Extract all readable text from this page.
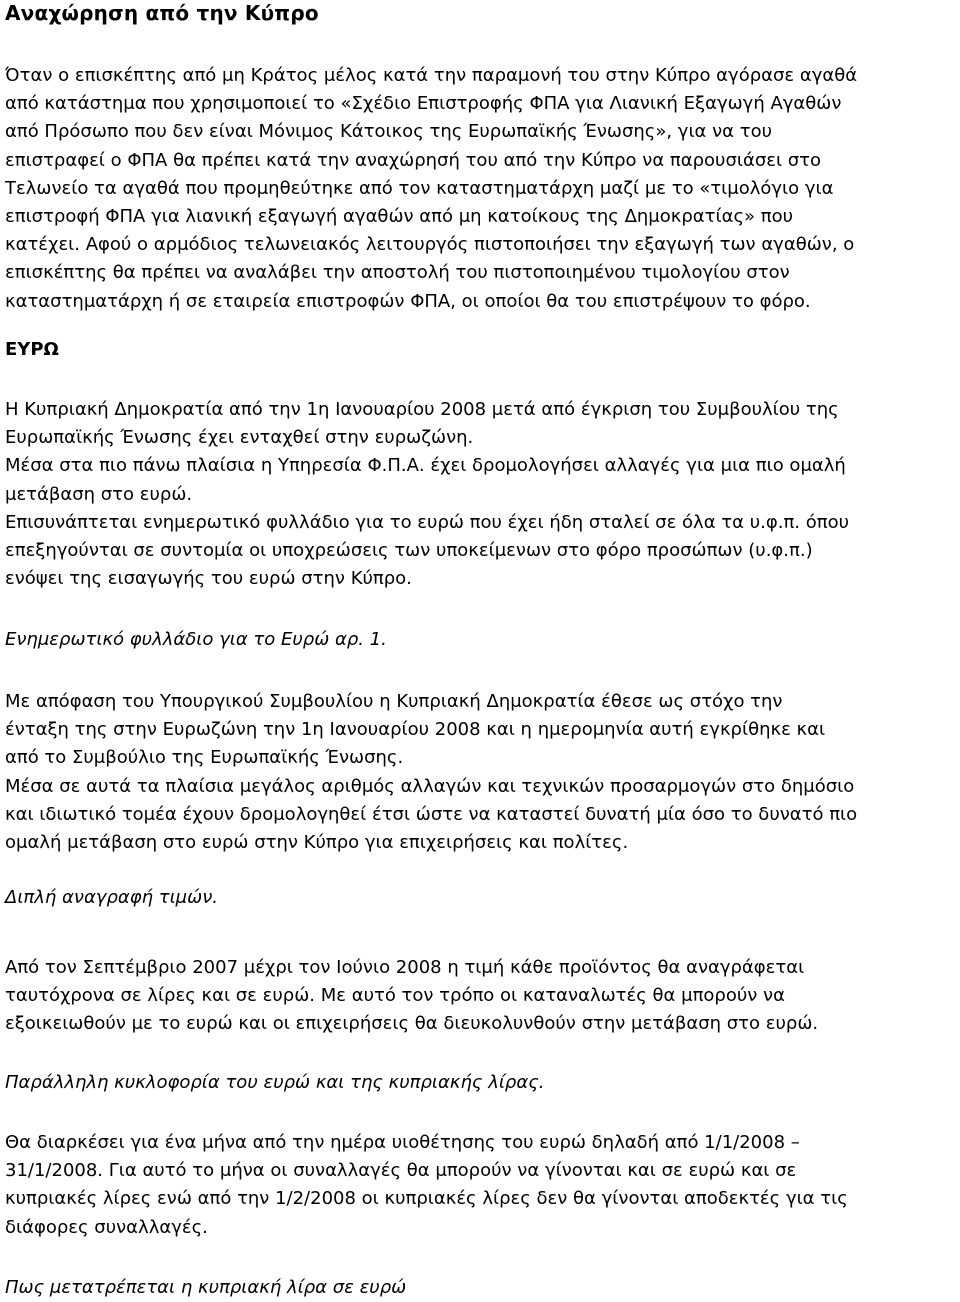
Αναχώρηση από την Κύπρο

Όταν ο επισκέπτης από μη Κράτος μέλος κατά την παραμονή του στην Κύπρο αγόρασε αγαθά
από κατάστημα που χρησιμοποιεί το «Σχέδιο Επιστροφής ΦΠΑ για Λιανική Εξαγωγή Αγαθών
από Πρόσωπο που δεν είναι Μόνιμος Κάτοικος της Ευρωπαϊκής Ένωσης», για να του
επιστραφεί ο ΦΠΑ θα πρέπει κατά την αναχώρησή του από την Κύπρο να παρουσιάσει στο
Τελωνείο τα αγαθά που προμηθεύτηκε από τον καταστηματάρχη μαζί με το «τιμολόγιο για
επιστροφή ΦΠΑ για λιανική εξαγωγή αγαθών από μη κατοίκους της Δημοκρατίας» που
κατέχει. Αφού ο αρμόδιος τελωνειακός λειτουργός πιστοποιήσει την εξαγωγή των αγαθών, ο
επισκέπτης θα πρέπει να αναλάβει την αποστολή του πιστοποιημένου τιμολογίου στον
καταστηματάρχη ή σε εταιρεία επιστροφών ΦΠΑ, οι οποίοι θα του επιστρέψουν το φόρο.

ΕΥΡΩ

Η Κυπριακή Δημοκρατία από την 1η Ιανουαρίου 2008 μετά από έγκριση του Συμβουλίου της
Ευρωπαϊκής Ένωσης έχει ενταχθεί στην ευρωζώνη.
Μέσα στα πιο πάνω πλαίσια η Υπηρεσία Φ.Π.Α. έχει δρομολογήσει αλλαγές για μια πιο ομαλή
μετάβαση στο ευρώ.
Επισυνάπτεται ενημερωτικό φυλλάδιο για το ευρώ που έχει ήδη σταλεί σε όλα τα υ.φ.π. όπου
επεξηγούνται σε συντομία οι υποχρεώσεις των υποκείμενων στο φόρο προσώπων (υ.φ.π.)
ενόψει της εισαγωγής του ευρώ στην Κύπρο.

Ενημερωτικό φυλλάδιο για το Ευρώ αρ. 1.

Με απόφαση του Υπουργικού Συμβουλίου η Κυπριακή Δημοκρατία έθεσε ως στόχο την
ένταξη της στην Ευρωζώνη την 1η Ιανουαρίου 2008 και η ημερομηνία αυτή εγκρίθηκε και
από το Συμβούλιο της Ευρωπαϊκής Ένωσης.
Μέσα σε αυτά τα πλαίσια μεγάλος αριθμός αλλαγών και τεχνικών προσαρμογών στο δημόσιο
και ιδιωτικό τομέα έχουν δρομολογηθεί έτσι ώστε να καταστεί δυνατή μία όσο το δυνατό πιο
ομαλή μετάβαση στο ευρώ στην Κύπρο για επιχειρήσεις και πολίτες.

Διπλή αναγραφή τιμών.

Από τον Σεπτέμβριο 2007 μέχρι τον Ιούνιο 2008 η τιμή κάθε προϊόντος θα αναγράφεται
ταυτόχρονα σε λίρες και σε ευρώ. Με αυτό τον τρόπο οι καταναλωτές θα μπορούν να
εξοικειωθούν με το ευρώ και οι επιχειρήσεις θα διευκολυνθούν στην μετάβαση στο ευρώ.

Παράλληλη κυκλοφορία του ευρώ και της κυπριακής λίρας.

Θα διαρκέσει για ένα μήνα από την ημέρα υιοθέτησης του ευρώ δηλαδή από 1/1/2008 –
31/1/2008. Για αυτό το μήνα οι συναλλαγές θα μπορούν να γίνονται και σε ευρώ και σε
κυπριακές λίρες ενώ από την 1/2/2008 οι κυπριακές λίρες δεν θα γίνονται αποδεκτές για τις
διάφορες συναλλαγές.

Πως μετατρέπεται η κυπριακή λίρα σε ευρώ
